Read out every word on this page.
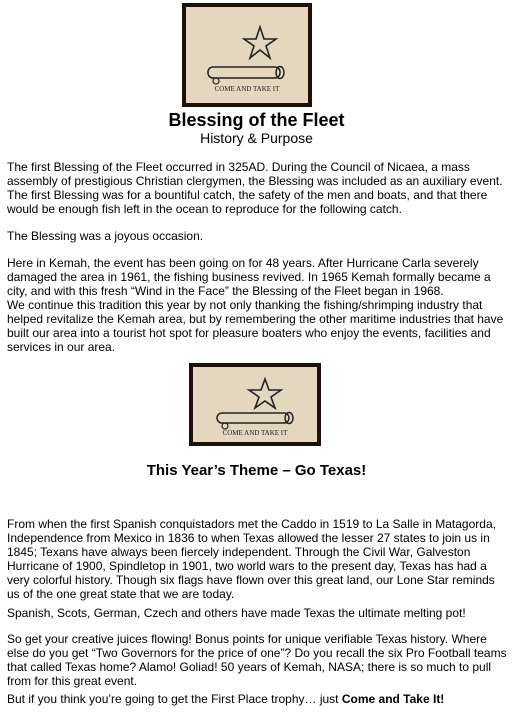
COME AND TAKE IT
Blessing of the Fleet
History & Purpose

The first Blessing of the Fleet occurred in 325AD. During the Council of Nicaea, a mass assembly of prestigious Christian clergymen, the Blessing was included as an auxiliary event. The first Blessing was for a bountiful catch, the safety of the men and boats, and that there would be enough fish left in the ocean to reproduce for the following catch.

The Blessing was a joyous occasion.

Here in Kemah, the event has been going on for 48 years. After Hurricane Carla severely damaged the area in 1961, the fishing business revived. In 1965 Kemah formally became a city, and with this fresh “Wind in the Face” the Blessing of the Fleet began in 1968.

We continue this tradition this year by not only thanking the fishing/shrimping industry that helped revitalize the Kemah area, but by remembering the other maritime industries that have built our area into a tourist hot spot for pleasure boaters who enjoy the events, facilities and services in our area.

COME AND TAKE IT
This Year’s Theme – Go Texas!

From when the first Spanish conquistadors met the Caddo in 1519 to La Salle in Matagorda, Independence from Mexico in 1836 to when Texas allowed the lesser 27 states to join us in 1845; Texans have always been fiercely independent. Through the Civil War, Galveston Hurricane of 1900, Spindletop in 1901, two world wars to the present day, Texas has had a very colorful history. Though six flags have flown over this great land, our Lone Star reminds us of the one great state that we are today.

Spanish, Scots, German, Czech and others have made Texas the ultimate melting pot!

So get your creative juices flowing! Bonus points for unique verifiable Texas history. Where else do you get “Two Governors for the price of one”? Do you recall the six Pro Football teams that called Texas home? Alamo! Goliad! 50 years of Kemah, NASA; there is so much to pull from for this great event.

But if you think you’re going to get the First Place trophy… just Come and Take It!
